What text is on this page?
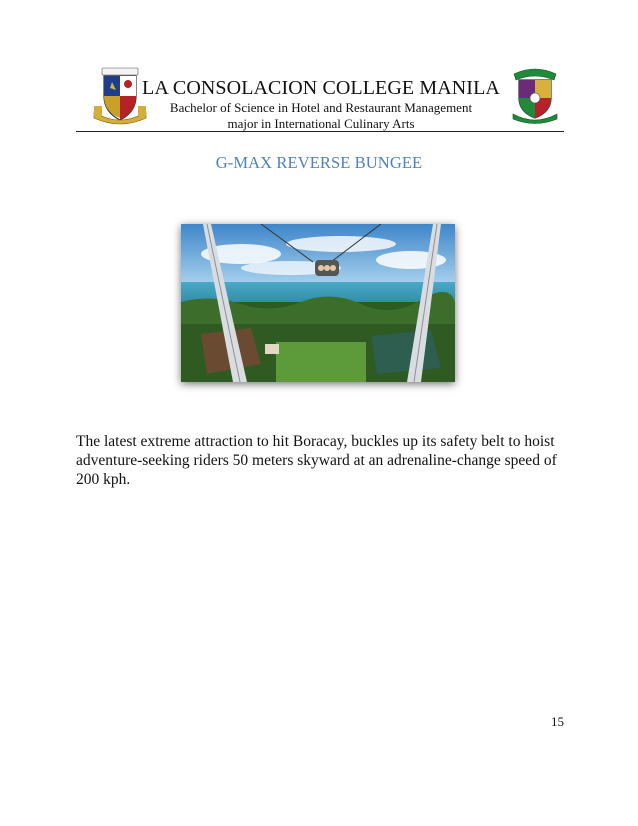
LA CONSOLACION COLLEGE MANILA
Bachelor of Science in Hotel and Restaurant Management
major in International Culinary Arts
G-MAX REVERSE BUNGEE
The latest extreme attraction to hit Boracay, buckles up its safety belt to hoist adventure-seeking riders 50 meters skyward at an adrenaline-change speed of 200 kph.
15
